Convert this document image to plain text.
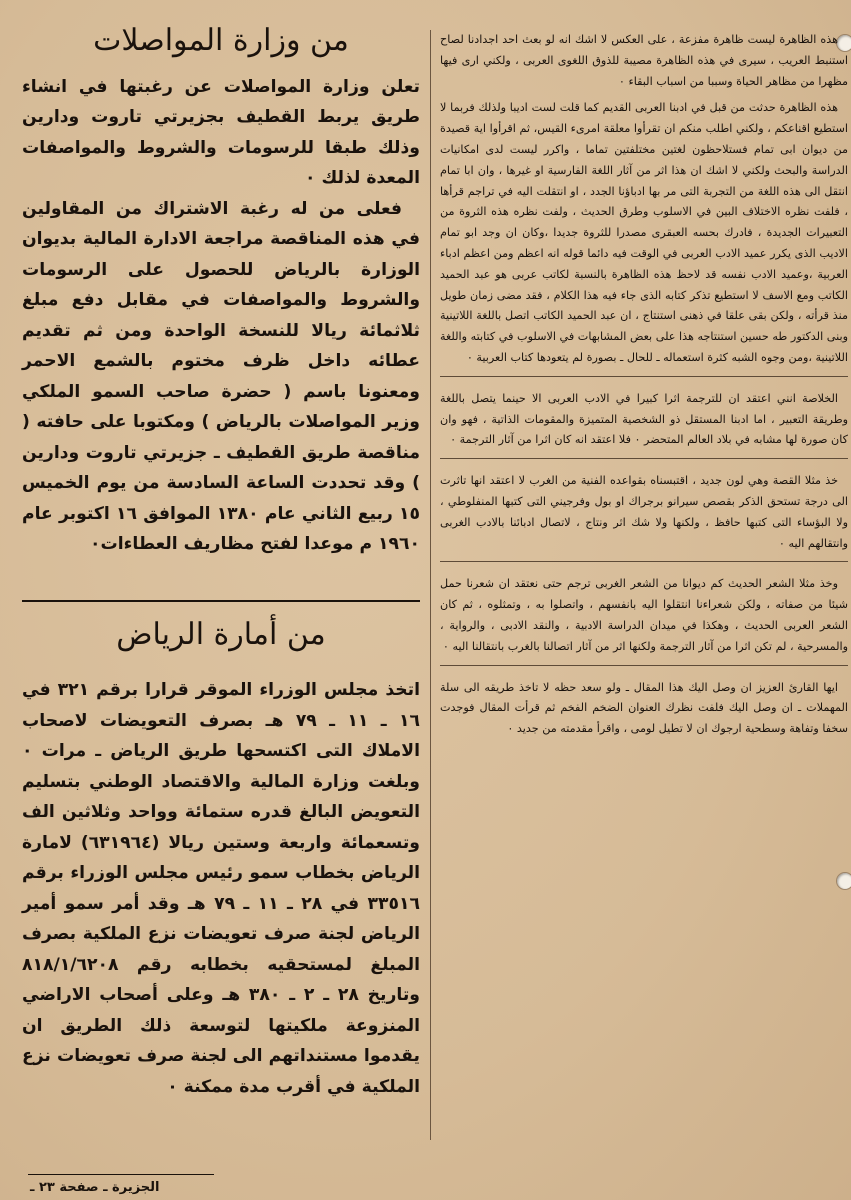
من وزارة المواصلات

تعلن وزارة المواصلات عن رغبتها في انشاء طريق يربط القطيف بجزيرتي تاروت ودارين وذلك طبقا للرسومات والشروط والمواصفات المعدة لذلك ٠

فعلى من له رغبة الاشتراك من المقاولين في هذه المناقصة مراجعة الادارة المالية بديوان الوزارة بالرياض للحصول على الرسومات والشروط والمواصفات في مقابل دفع مبلغ ثلاثمائة ريالا للنسخة الواحدة ومن ثم تقديم عطائه داخل ظرف مختوم بالشمع الاحمر ومعنونا باسم ( حضرة صاحب السمو الملكي وزير المواصلات بالرياض ) ومكتوبا على حافته ( مناقصة طريق القطيف ـ جزيرتي تاروت ودارين ) وقد تحددت الساعة السادسة من يوم الخميس ١٥ ربيع الثاني عام ١٣٨٠ الموافق ١٦ اكتوبر عام ١٩٦٠ م موعدا لفتح مظاريف العطاءات٠

من أمارة الرياض

اتخذ مجلس الوزراء الموقر قرارا برقم ٣٢١ في ١٦ ـ ١١ ـ ٧٩ هـ بصرف التعويضات لاصحاب الاملاك التى اكتسحها طريق الرياض ـ مرات ٠ وبلغت وزارة المالية والاقتصاد الوطني بتسليم التعويض البالغ قدره ستمائة وواحد وثلاثين الف وتسعمائة واربعة وستين ريالا (٦٣١٩٦٤) لامارة الرياض بخطاب سمو رئيس مجلس الوزراء برقم ٣٣٥١٦ في ٢٨ ـ ١١ ـ ٧٩ هـ وقد أمر سمو أمير الرياض لجنة صرف تعويضات نزع الملكية بصرف المبلغ لمستحقيه بخطابه رقم ٨١٨/١/٦٢٠٨ وتاريخ ٢٨ ـ ٢ ـ ٣٨٠ هـ وعلى أصحاب الاراضي المنزوعة ملكيتها لتوسعة ذلك الطريق ان يقدموا مستنداتهم الى لجنة صرف تعويضات نزع الملكية في أقرب مدة ممكنة ٠

هذه الظاهرة ليست ظاهرة مفزعة ، على العكس لا اشك انه لو بعث احد اجدادنا لصاح استنبط العريب ، سيرى في هذه الظاهرة مصيبة للذوق اللغوى العربى ، ولكني ارى فيها مظهرا من مظاهر الحياة وسببا من اسباب البقاء ٠

هذه الظاهرة حدثت من قبل في ادبنا العربى القديم كما قلت لست اديبا ولذلك فربما لا استطيع اقناعكم ، ولكني اطلب منكم ان تقرأوا معلقة امرىء القيس، ثم اقرأوا اية قصيدة من ديوان ابى تمام فستلاحظون لغتين مختلفتين تماما ، واكرر ليست لدى امكانيات الدراسة والبحث ولكني لا اشك ان هذا اثر من آثار اللغة الفارسية او غيرها ، وان ابا تمام انتقل الى هذه اللغة من التجربة التى مر بها ادباؤنا الجدد ، او انتقلت اليه في تراجم قرأها ، فلفت نظره الاختلاف البين في الاسلوب وطرق الحديث ، ولفت نظره هذه الثروة من التعبيرات الجديدة ، فادرك بحسه العبقرى مصدرا للثروة جديدا ،وكان ان وجد ابو تمام الاديب الذى يكرر عميد الادب العربى في الوقت فيه دائما قوله انه اعظم ومن اعظم ادباء العربية ،وعميد الادب نفسه قد لاحظ هذه الظاهرة بالنسبة لكاتب عربى هو عبد الحميد الكاتب ومع الاسف لا استطيع تذكر كتابه الذى جاء فيه هذا الكلام ، فقد مضى زمان طويل منذ قرأته ، ولكن بقى علقا في ذهنى استنتاج ، ان عبد الحميد الكاتب اتصل باللغة اللاتينية وبنى الدكتور طه حسين استنتاجه هذا على بعض المشابهات في الاسلوب في كتابته واللغة اللاتينية ،ومن وجوه الشبه كثرة استعماله ـ للحال ـ بصورة لم يتعودها كتاب العربية ٠

الخلاصة انني اعتقد ان للترجمة اثرا كبيرا في الادب العربى الا حينما يتصل باللغة وطريقة التعبير ، اما ادبنا المستقل ذو الشخصية المتميزة والمقومات الذاتية ، فهو وان كان صورة لها مشابه في بلاد العالم المتحضر ٠ فلا اعتقد انه كان اثرا من آثار الترجمة ٠

خذ مثلا القصة وهي لون جديد ، اقتبسناه بقواعده الفنية من الغرب لا اعتقد انها تاثرت الى درجة تستحق الذكر بقصص سيرانو برجراك او بول وفرجيني التى كتبها المنفلوطي ، ولا البؤساء التى كتبها حافظ ، ولكنها ولا شك اثر ونتاج ، لاتصال ادبائنا بالادب الغربى وانتقالهم اليه ٠

وخذ مثلا الشعر الحديث كم ديوانا من الشعر الغربى ترجم حتى نعتقد ان شعرنا حمل شيئا من صفاته ، ولكن شعراءنا انتقلوا اليه بانفسهم ، واتصلوا به ، وتمثلوه ، ثم كان الشعر العربى الحديث ، وهكذا في ميدان الدراسة الادبية ، والنقد الادبى ، والرواية ، والمسرحية ، لم تكن اثرا من آثار الترجمة ولكنها اثر من آثار اتصالنا بالغرب بانتقالنا اليه ٠

ايها القارئ العزيز ان وصل اليك هذا المقال ـ ولو سعد حظه لا تاخذ طريقه الى سلة المهملات ـ ان وصل اليك فلفت نظرك العنوان الضخم الفخم ثم قرأت المقال فوجدت سخفا وتفاهة وسطحية ارجوك ان لا تطيل لومى ، واقرأ مقدمته من جديد ٠

الجزيرة ـ صفحة ٢٣ ـ
